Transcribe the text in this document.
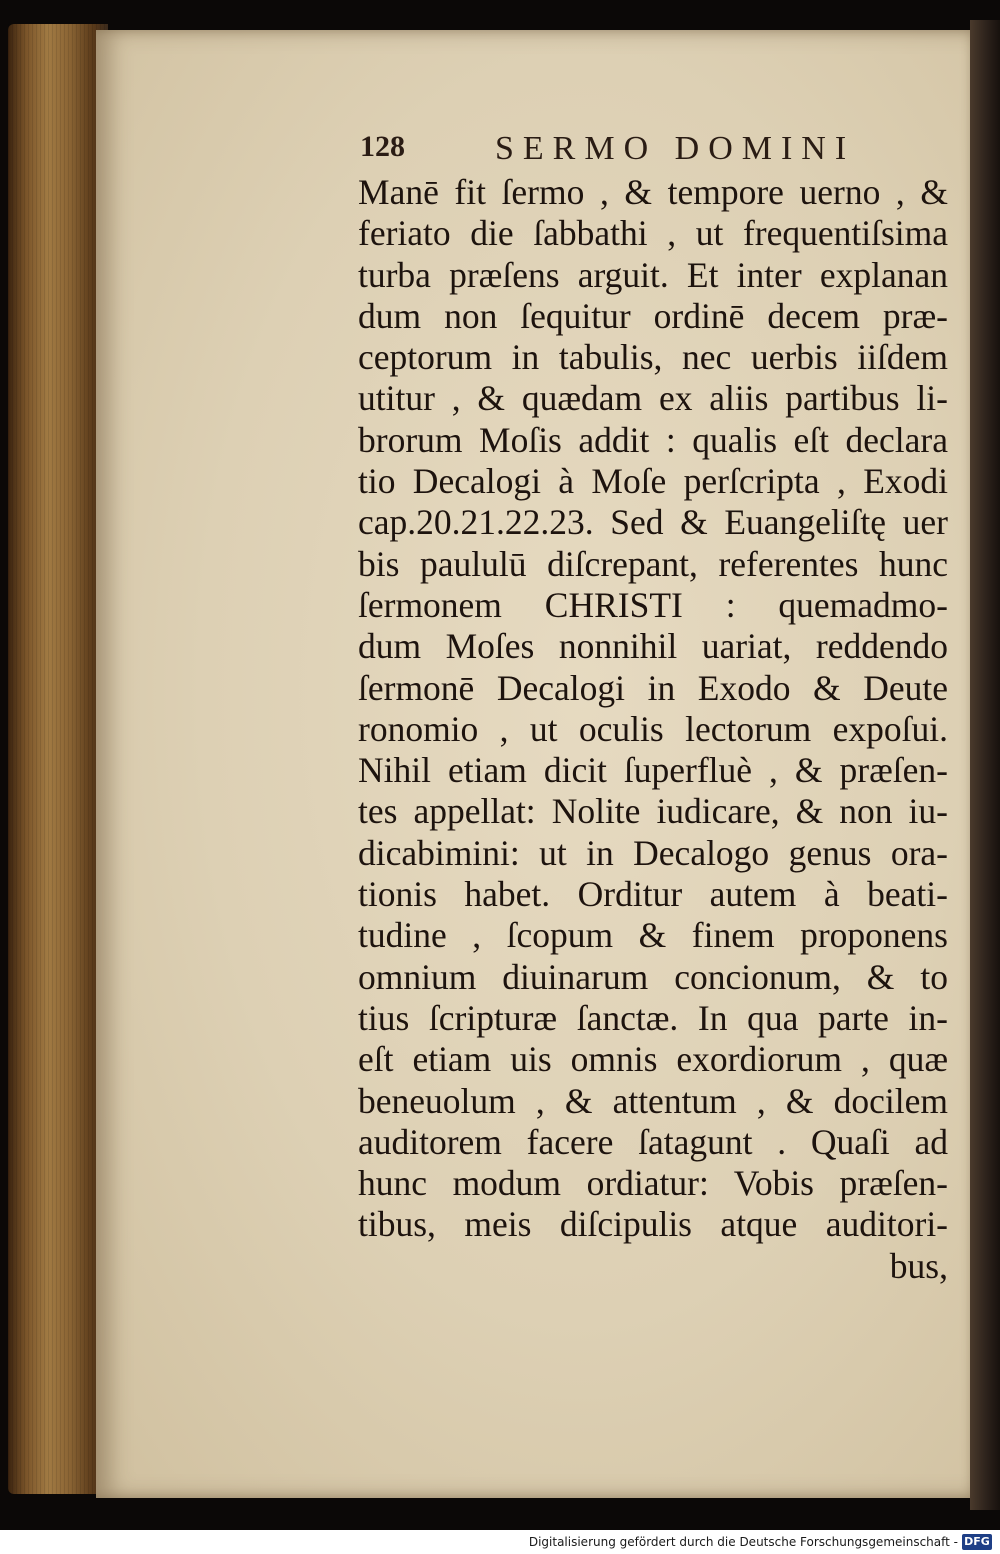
128	SERMO DOMINI
Manē fit ſermo , & tempore uerno , &
feriato die ſabbathi , ut frequentiſsima
turba præſens arguit. Et inter explanan
dum non ſequitur ordinē decem præ-
ceptorum in tabulis, nec uerbis iiſdem
utitur , & quædam ex aliis partibus li-
brorum Moſis addit : qualis eſt declara
tio Decalogi à Moſe perſcripta , Exodi
cap.20.21.22.23. Sed & Euangeliſtę uer
bis paululū diſcrepant, referentes hunc
ſermonem CHRISTI : quemadmo-
dum Moſes nonnihil uariat, reddendo
ſermonē Decalogi in Exodo & Deute
ronomio , ut oculis lectorum expoſui.
Nihil etiam dicit ſuperfluè , & præſen-
tes appellat: Nolite iudicare, & non iu-
dicabimini: ut in Decalogo genus ora-
tionis habet. Orditur autem à beati-
tudine , ſcopum & finem proponens
omnium diuinarum concionum, & to
tius ſcripturæ ſanctæ. In qua parte in-
eſt etiam uis omnis exordiorum , quæ
beneuolum , & attentum , & docilem
auditorem facere ſatagunt . Quaſi ad
hunc modum ordiatur: Vobis præſen-
tibus, meis diſcipulis atque auditori-
bus,
Digitalisierung gefördert durch die Deutsche Forschungsgemeinschaft - DFG
